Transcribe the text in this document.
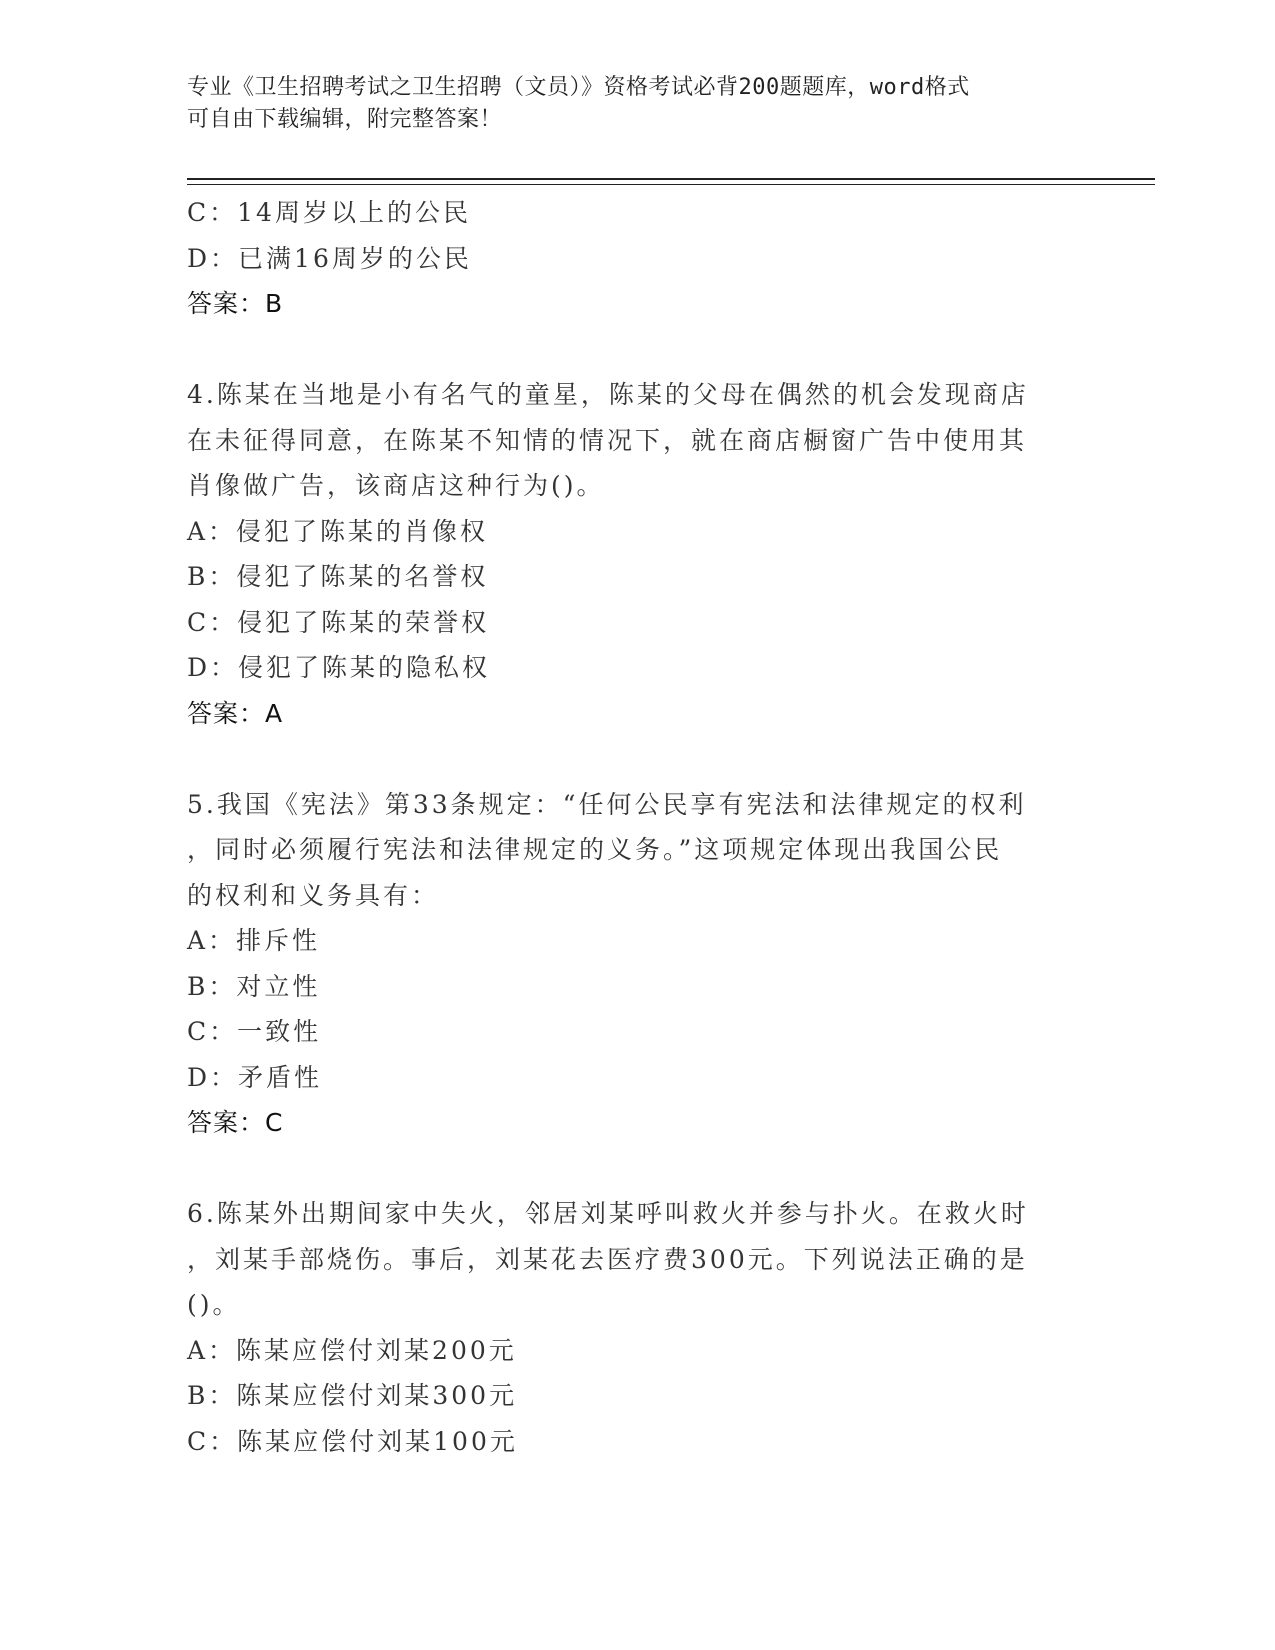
专业《卫生招聘考试之卫生招聘（文员）》资格考试必背200题题库，word格式
可自由下载编辑，附完整答案！
C：14周岁以上的公民
D：已满16周岁的公民
答案：B
4.陈某在当地是小有名气的童星，陈某的父母在偶然的机会发现商店
在未征得同意，在陈某不知情的情况下，就在商店橱窗广告中使用其
肖像做广告，该商店这种行为()。
A：侵犯了陈某的肖像权
B：侵犯了陈某的名誉权
C：侵犯了陈某的荣誉权
D：侵犯了陈某的隐私权
答案：A
5.我国《宪法》第33条规定：“任何公民享有宪法和法律规定的权利
，同时必须履行宪法和法律规定的义务。”这项规定体现出我国公民
的权利和义务具有：
A：排斥性
B：对立性
C：一致性
D：矛盾性
答案：C
6.陈某外出期间家中失火，邻居刘某呼叫救火并参与扑火。在救火时
，刘某手部烧伤。事后，刘某花去医疗费300元。下列说法正确的是
()。
A：陈某应偿付刘某200元
B：陈某应偿付刘某300元
C：陈某应偿付刘某100元
